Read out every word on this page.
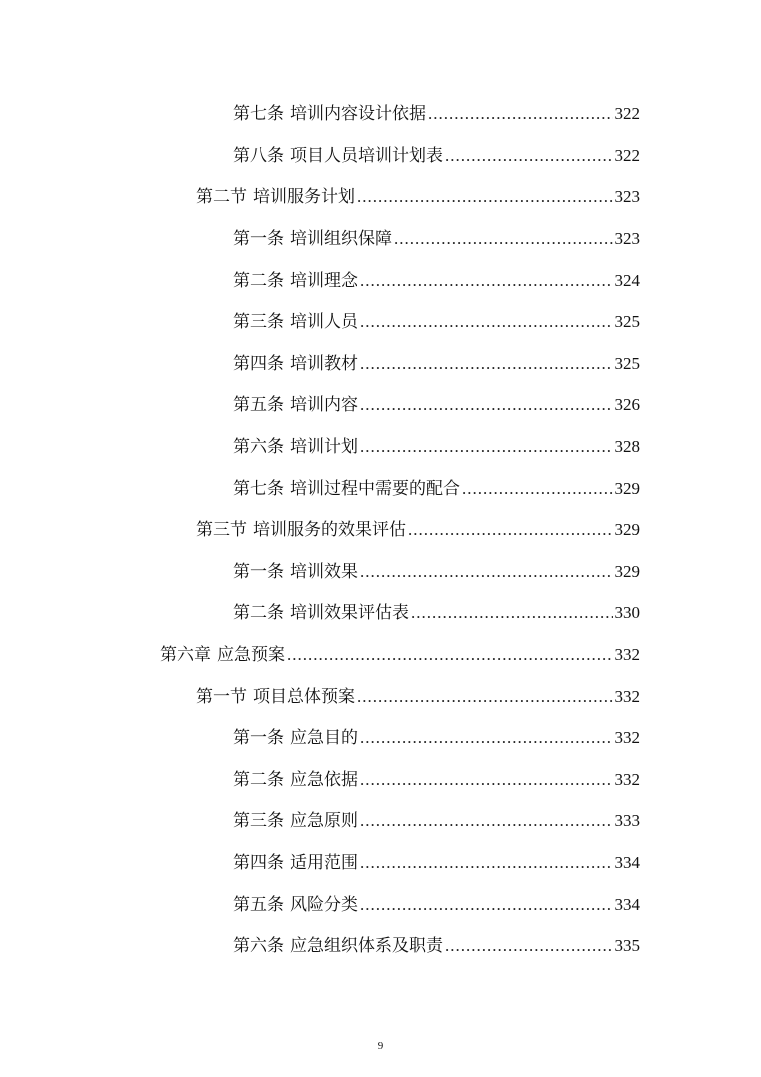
第七条 培训内容设计依据 .....	322
第八条 项目人员培训计划表 .....	322
第二节 培训服务计划 .....	323
第一条 培训组织保障 .....	323
第二条 培训理念 .....	324
第三条 培训人员 .....	325
第四条 培训教材 .....	325
第五条 培训内容 .....	326
第六条 培训计划 .....	328
第七条 培训过程中需要的配合 .....	329
第三节 培训服务的效果评估 .....	329
第一条 培训效果 .....	329
第二条 培训效果评估表 .....	330
第六章 应急预案 .....	332
第一节 项目总体预案 .....	332
第一条 应急目的 .....	332
第二条 应急依据 .....	332
第三条 应急原则 .....	333
第四条 适用范围 .....	334
第五条 风险分类 .....	334
第六条 应急组织体系及职责 .....	335
9
